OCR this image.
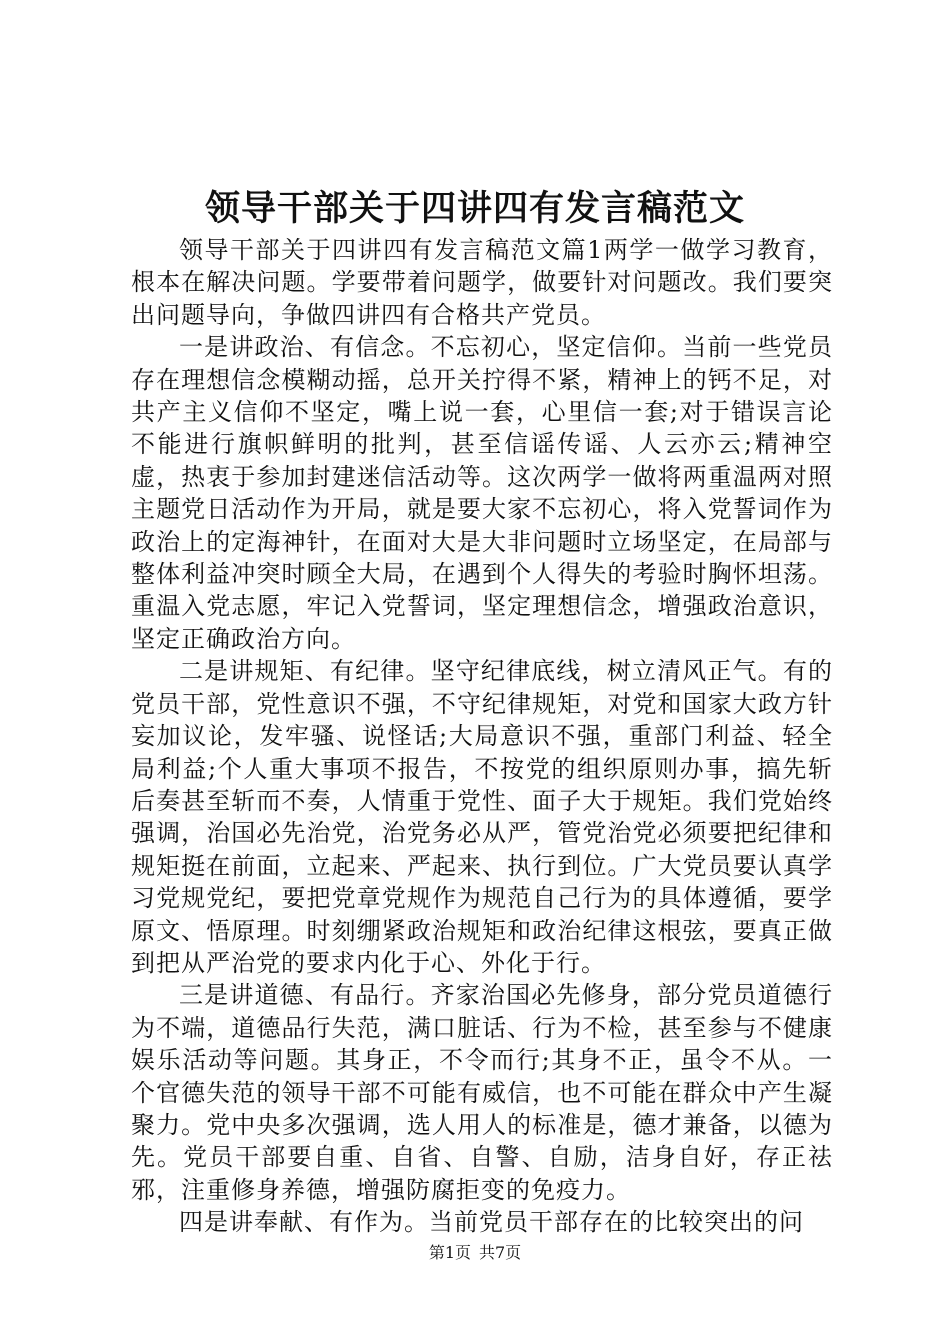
领导干部关于四讲四有发言稿范文

领导干部关于四讲四有发言稿范文篇1两学一做学习教育，根本在解决问题。学要带着问题学，做要针对问题改。我们要突出问题导向，争做四讲四有合格共产党员。

一是讲政治、有信念。不忘初心，坚定信仰。当前一些党员存在理想信念模糊动摇，总开关拧得不紧，精神上的钙不足，对共产主义信仰不坚定，嘴上说一套，心里信一套;对于错误言论不能进行旗帜鲜明的批判，甚至信谣传谣、人云亦云;精神空虚，热衷于参加封建迷信活动等。这次两学一做将两重温两对照主题党日活动作为开局，就是要大家不忘初心，将入党誓词作为政治上的定海神针，在面对大是大非问题时立场坚定，在局部与整体利益冲突时顾全大局，在遇到个人得失的考验时胸怀坦荡。重温入党志愿，牢记入党誓词，坚定理想信念，增强政治意识，坚定正确政治方向。

二是讲规矩、有纪律。坚守纪律底线，树立清风正气。有的党员干部，党性意识不强，不守纪律规矩，对党和国家大政方针妄加议论，发牢骚、说怪话;大局意识不强，重部门利益、轻全局利益;个人重大事项不报告，不按党的组织原则办事，搞先斩后奏甚至斩而不奏，人情重于党性、面子大于规矩。我们党始终强调，治国必先治党，治党务必从严，管党治党必须要把纪律和规矩挺在前面，立起来、严起来、执行到位。广大党员要认真学习党规党纪，要把党章党规作为规范自己行为的具体遵循，要学原文、悟原理。时刻绷紧政治规矩和政治纪律这根弦，要真正做到把从严治党的要求内化于心、外化于行。

三是讲道德、有品行。齐家治国必先修身，部分党员道德行为不端，道德品行失范，满口脏话、行为不检，甚至参与不健康娱乐活动等问题。其身正，不令而行;其身不正，虽令不从。一个官德失范的领导干部不可能有威信，也不可能在群众中产生凝聚力。党中央多次强调，选人用人的标准是，德才兼备，以德为先。党员干部要自重、自省、自警、自励，洁身自好，存正祛邪，注重修身养德，增强防腐拒变的免疫力。

四是讲奉献、有作为。当前党员干部存在的比较突出的问

第1页 共7页
